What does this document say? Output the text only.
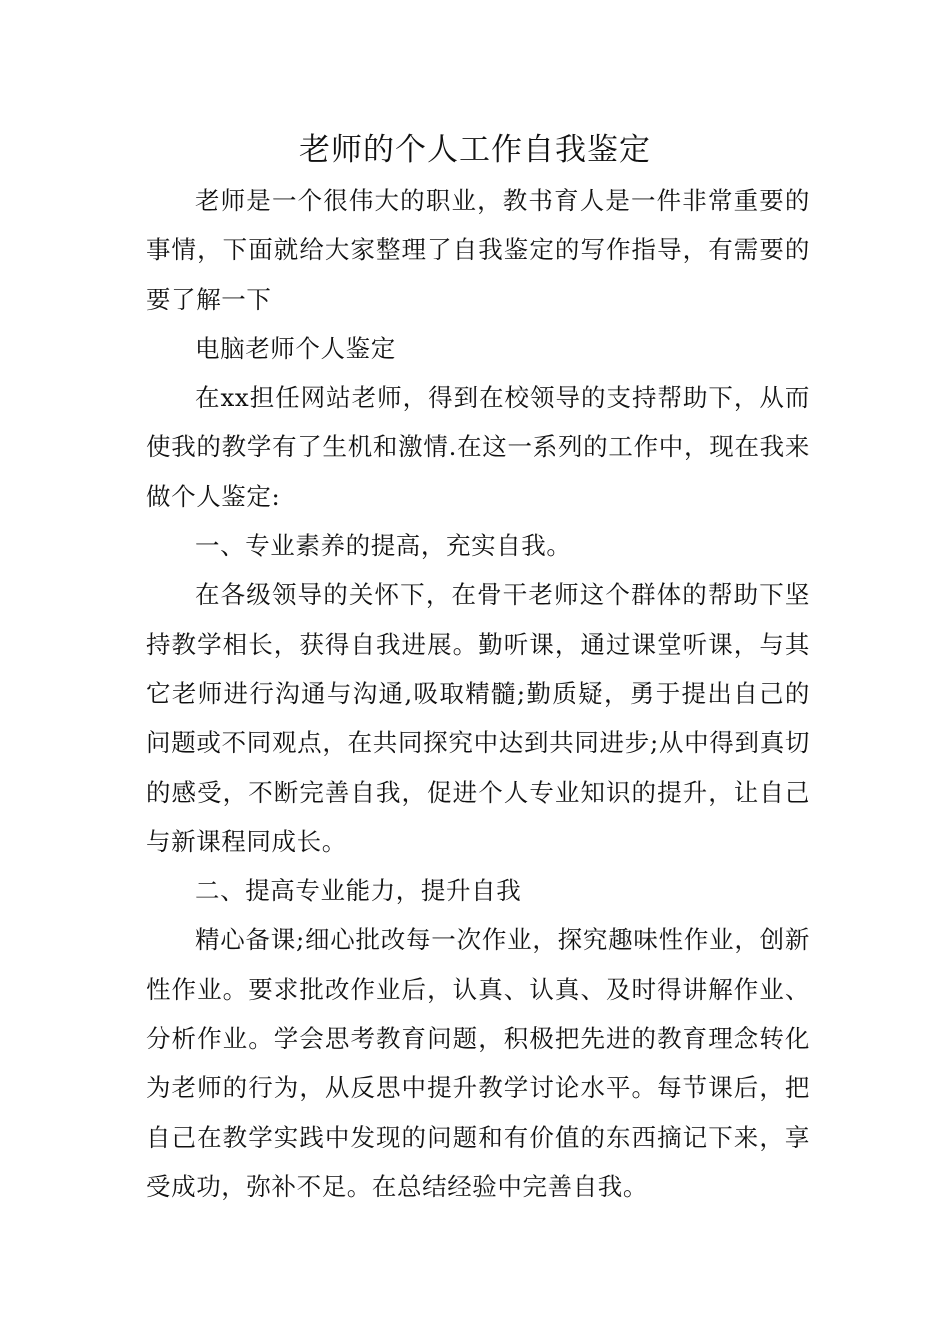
老师的个人工作自我鉴定

老师是一个很伟大的职业，教书育人是一件非常重要的事情，下面就给大家整理了自我鉴定的写作指导，有需要的要了解一下

电脑老师个人鉴定

在xx担任网站老师，得到在校领导的支持帮助下，从而使我的教学有了生机和激情.在这一系列的工作中，现在我来做个人鉴定:

一、专业素养的提高，充实自我。

在各级领导的关怀下，在骨干老师这个群体的帮助下坚持教学相长，获得自我进展。勤听课，通过课堂听课，与其它老师进行沟通与沟通,吸取精髓;勤质疑，勇于提出自己的问题或不同观点，在共同探究中达到共同进步;从中得到真切的感受，不断完善自我，促进个人专业知识的提升，让自己与新课程同成长。

二、提高专业能力，提升自我

精心备课;细心批改每一次作业，探究趣味性作业，创新性作业。要求批改作业后，认真、认真、及时得讲解作业、分析作业。学会思考教育问题，积极把先进的教育理念转化为老师的行为，从反思中提升教学讨论水平。每节课后，把自己在教学实践中发现的问题和有价值的东西摘记下来，享受成功，弥补不足。在总结经验中完善自我。
